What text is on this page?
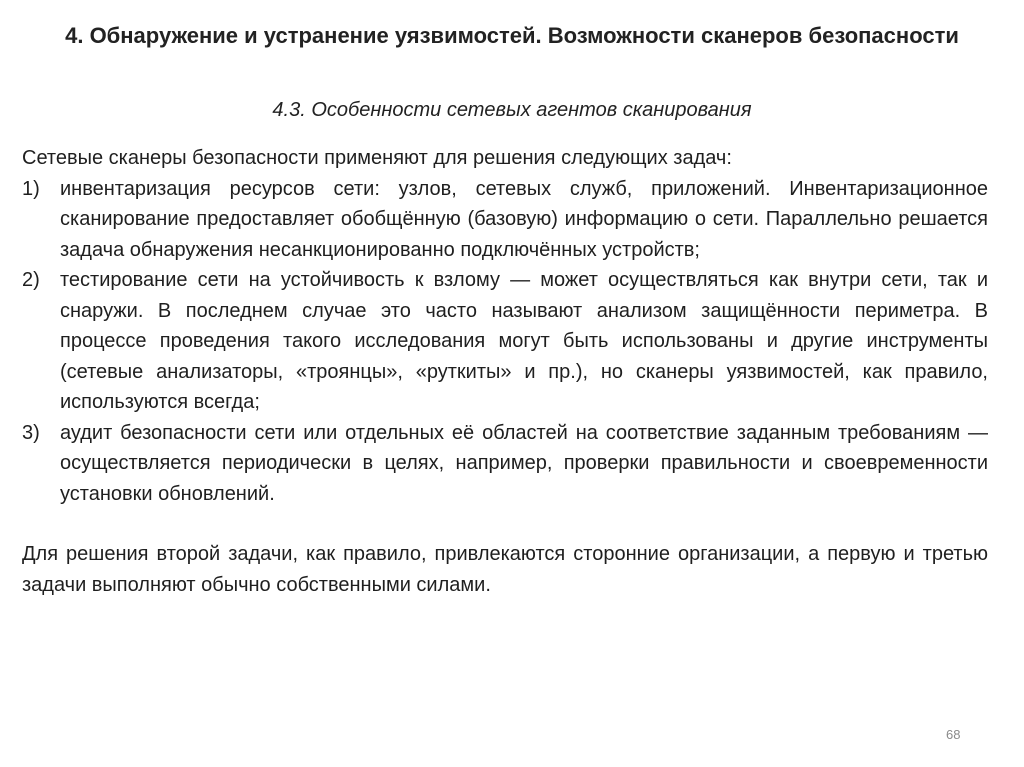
4. Обнаружение и устранение уязвимостей. Возможности сканеров безопасности
4.3. Особенности сетевых агентов сканирования

Сетевые сканеры безопасности применяют для решения следующих задач:

1) инвентаризация ресурсов сети: узлов, сетевых служб, приложений. Инвентаризационное сканирование предоставляет обобщённую (базовую) информацию о сети. Параллельно решается задача обнаружения несанкционированно подключённых устройств;
2) тестирование сети на устойчивость к взлому — может осуществляться как внутри сети, так и снаружи. В последнем случае это часто называют анализом защищённости периметра. В процессе проведения такого исследования могут быть использованы и другие инструменты (сетевые анализаторы, «троянцы», «руткиты» и пр.), но сканеры уязвимостей, как правило, используются всегда;
3) аудит безопасности сети или отдельных её областей на соответствие заданным требованиям — осуществляется периодически в целях, например, проверки правильности и своевременности установки обновлений.

Для решения второй задачи, как правило, привлекаются сторонние организации, а первую и третью задачи выполняют обычно собственными силами.

68
